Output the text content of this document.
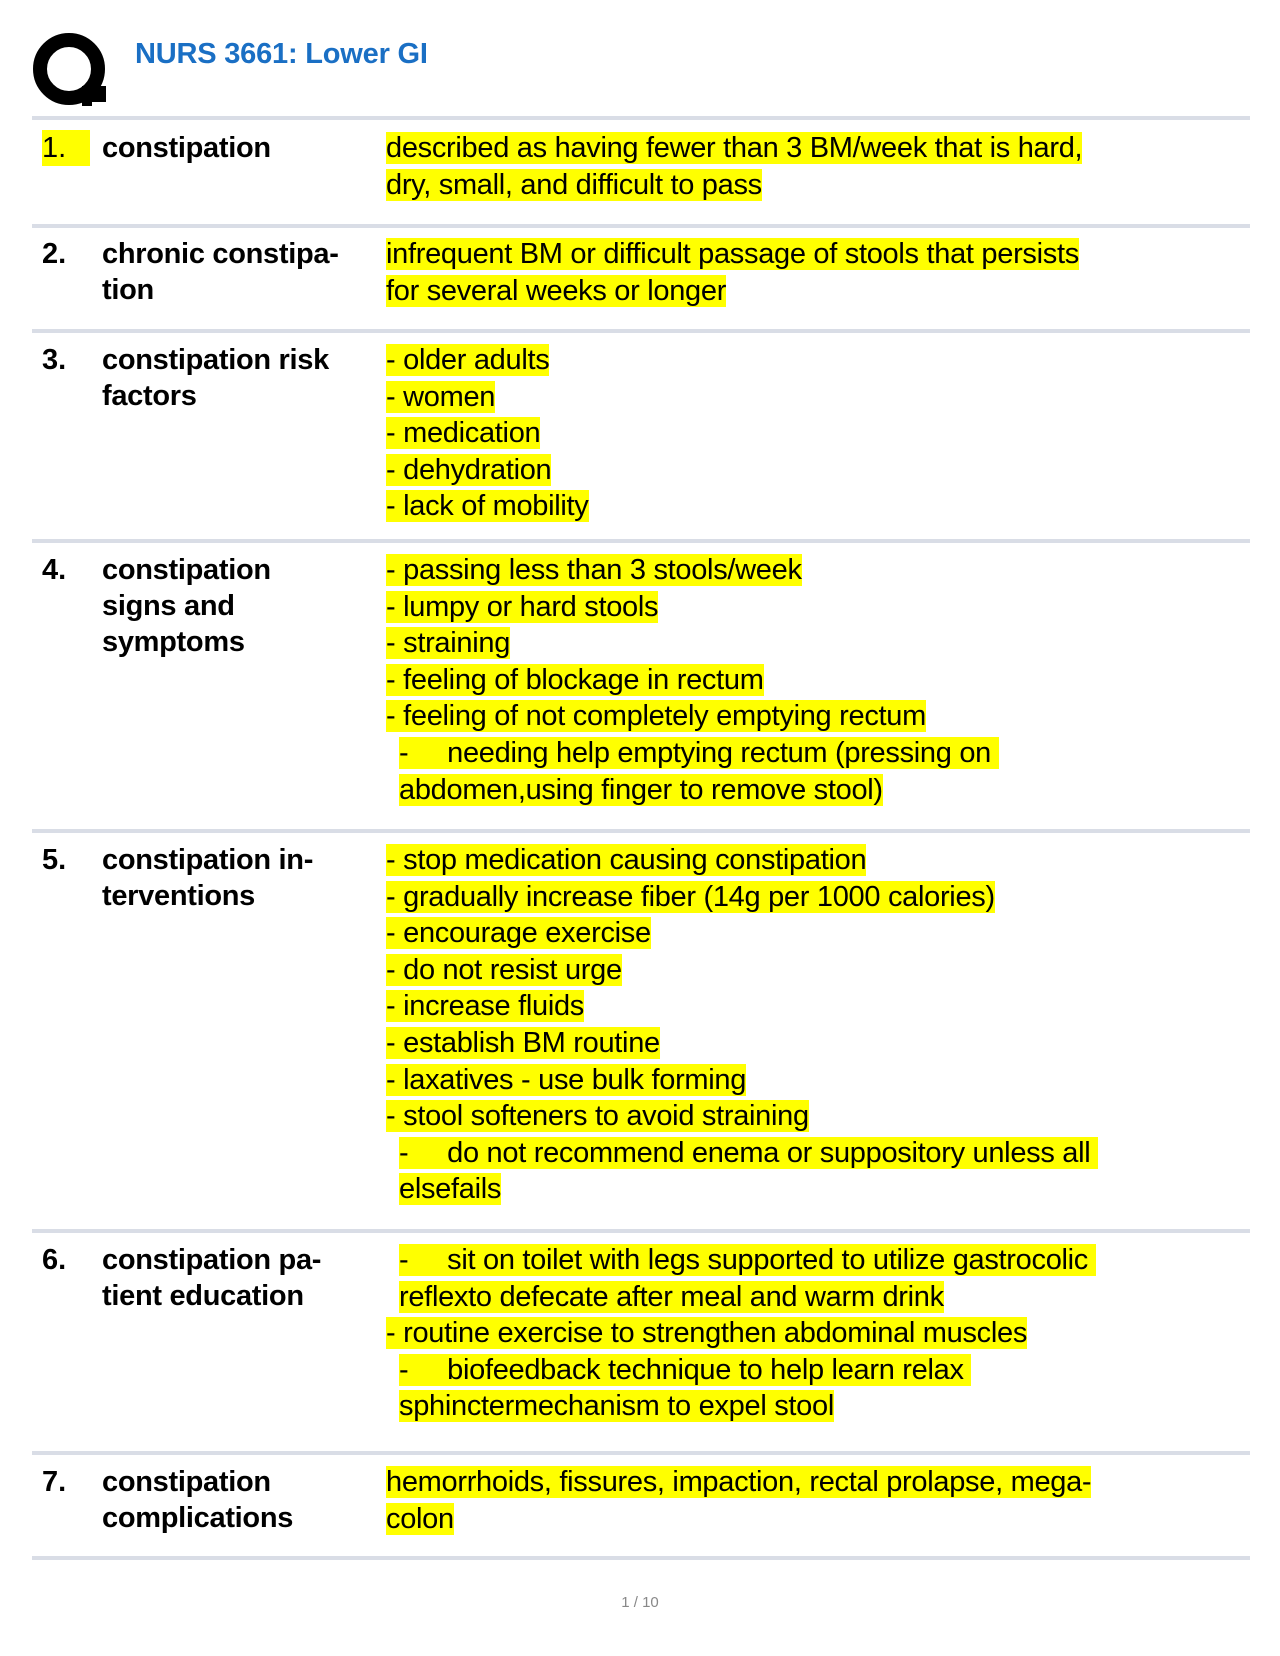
NURS 3661: Lower GI
1.	constipation	described as having fewer than 3 BM/week that is hard,
dry, small, and difficult to pass
2. chronic constipa-
tion
infrequent BM or difficult passage of stools that persists
for several weeks or longer
3. constipation risk
factors
- older adults
- women
- medication
- dehydration
- lack of mobility
4. constipation
signs and
symptoms
- passing less than 3 stools/week
- lumpy or hard stools
- straining
- feeling of blockage in rectum
- feeling of not completely emptying rectum
-     needing help emptying rectum (pressing on
abdomen,using finger to remove stool)
5. constipation in-
terventions
- stop medication causing constipation
- gradually increase fiber (14g per 1000 calories)
- encourage exercise
- do not resist urge
- increase fluids
- establish BM routine
- laxatives - use bulk forming
- stool softeners to avoid straining
-     do not recommend enema or suppository unless all
elsefails
6. constipation pa-
tient education
-     sit on toilet with legs supported to utilize gastrocolic
reflexto defecate after meal and warm drink
- routine exercise to strengthen abdominal muscles
-     biofeedback technique to help learn relax
sphinctermechanism to expel stool
7. constipation
complications
hemorrhoids, fissures, impaction, rectal prolapse, mega-
colon
1 / 10
